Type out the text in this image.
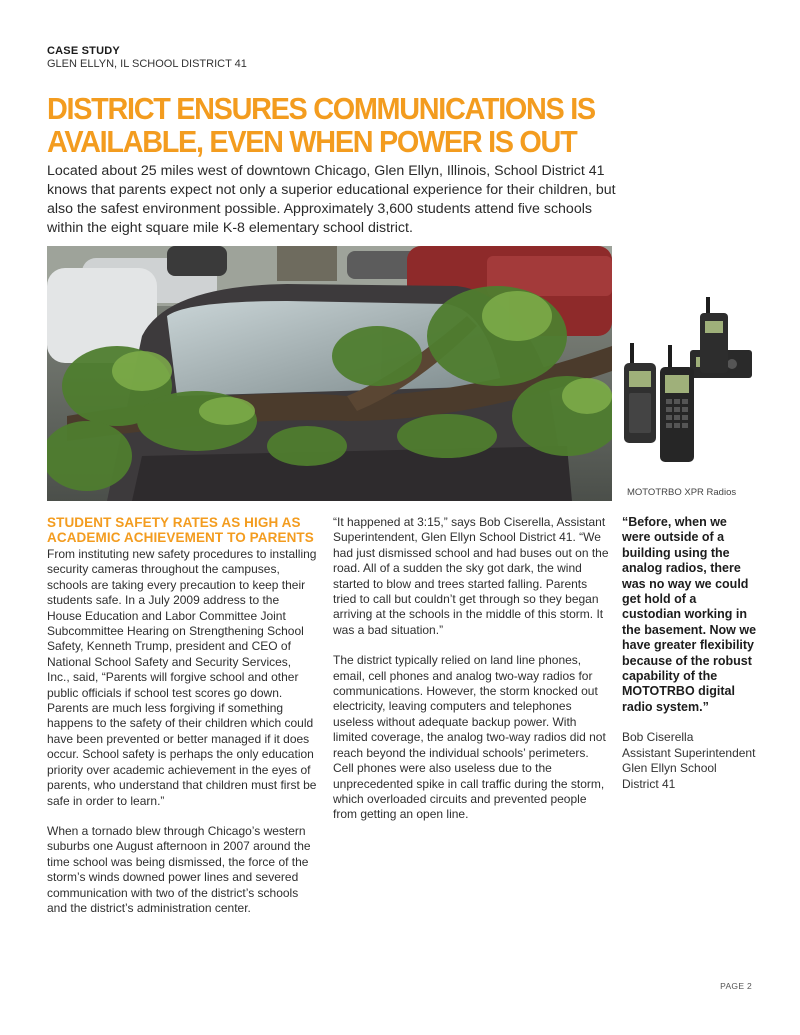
CASE STUDY
GLEN ELLYN, IL SCHOOL DISTRICT 41
DISTRICT ENSURES COMMUNICATIONS IS
AVAILABLE, EVEN WHEN POWER IS OUT
Located about 25 miles west of downtown Chicago, Glen Ellyn, Illinois, School District 41 knows that parents expect not only a superior educational experience for their children, but also the safest environment possible. Approximately 3,600 students attend five schools within the eight square mile K-8 elementary school district.
MOTOTRBO XPR Radios
STUDENT SAFETY RATES AS HIGH AS ACADEMIC ACHIEVEMENT TO PARENTS

From instituting new safety procedures to installing security cameras throughout the campuses, schools are taking every precaution to keep their students safe. In a July 2009 address to the House Education and Labor Committee Joint Subcommittee Hearing on Strengthening School Safety, Kenneth Trump, president and CEO of National School Safety and Security Services, Inc., said, “Parents will forgive school and other public officials if school test scores go down. Parents are much less forgiving if something happens to the safety of their children which could have been prevented or better managed if it does occur. School safety is perhaps the only education priority over academic achievement in the eyes of parents, who understand that children must first be safe in order to learn.”

When a tornado blew through Chicago’s western suburbs one August afternoon in 2007 around the time school was being dismissed, the force of the storm’s winds downed power lines and severed communication with two of the district’s schools and the district’s administration center.

“It happened at 3:15,” says Bob Ciserella, Assistant Superintendent, Glen Ellyn School District 41. “We had just dismissed school and had buses out on the road. All of a sudden the sky got dark, the wind started to blow and trees started falling. Parents tried to call but couldn’t get through so they began arriving at the schools in the middle of this storm. It was a bad situation.”

The district typically relied on land line phones, email, cell phones and analog two-way radios for communications. However, the storm knocked out electricity, leaving computers and telephones useless without adequate backup power. With limited coverage, the analog two-way radios did not reach beyond the individual schools’ perimeters. Cell phones were also useless due to the unprecedented spike in call traffic during the storm, which overloaded circuits and prevented people from getting an open line.

“Before, when we were outside of a building using the analog radios, there was no way we could get hold of a custodian working in the basement. Now we have greater flexibility because of the robust capability of the MOTOTRBO digital radio system.”

Bob Ciserella
Assistant Superintendent
Glen Ellyn School
District 41
PAGE 2
